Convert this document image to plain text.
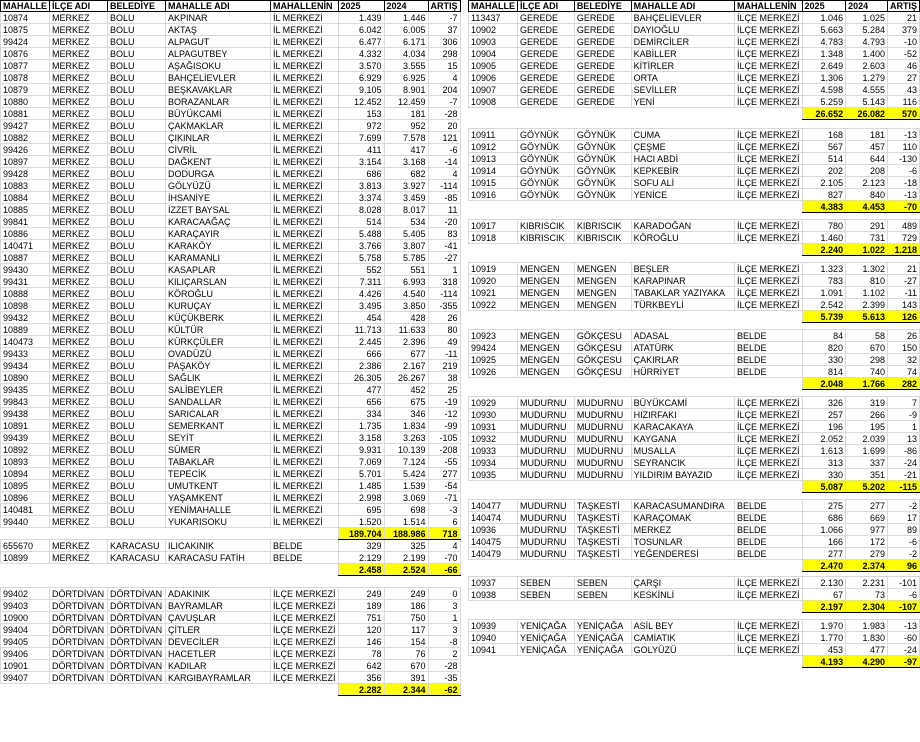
MAHALLE	İLÇE ADI	BELEDİYE	MAHALLE ADI	MAHALLENİN	2025	2024	ARTIŞ
10874	MERKEZ	BOLU	AKPINAR	İL MERKEZİ	1.439	1.446	-7
10875	MERKEZ	BOLU	AKTAŞ	İL MERKEZİ	6.042	6.005	37
99424	MERKEZ	BOLU	ALPAGUT	İL MERKEZİ	6.477	6.171	306
10876	MERKEZ	BOLU	ALPAGUTBEY	İL MERKEZİ	4.332	4.034	298
10877	MERKEZ	BOLU	AŞAĞISOKU	İL MERKEZİ	3.570	3.555	15
10878	MERKEZ	BOLU	BAHÇELİEVLER	İL MERKEZİ	6.929	6.925	4
10879	MERKEZ	BOLU	BEŞKAVAKLAR	İL MERKEZİ	9.105	8.901	204
10880	MERKEZ	BOLU	BORAZANLAR	İL MERKEZİ	12.452	12.459	-7
10881	MERKEZ	BOLU	BÜYÜKCAMİ	İL MERKEZİ	153	181	-28
99427	MERKEZ	BOLU	ÇAKMAKLAR	İL MERKEZİ	972	952	20
10882	MERKEZ	BOLU	ÇIKINLAR	İL MERKEZİ	7.699	7.578	121
99426	MERKEZ	BOLU	CİVRİL	İL MERKEZİ	411	417	-6
10897	MERKEZ	BOLU	DAĞKENT	İL MERKEZİ	3.154	3.168	-14
99428	MERKEZ	BOLU	DODURGA	İL MERKEZİ	686	682	4
10883	MERKEZ	BOLU	GÖLYÜZÜ	İL MERKEZİ	3.813	3.927	-114
10884	MERKEZ	BOLU	İHSANİYE	İL MERKEZİ	3.374	3.459	-85
10885	MERKEZ	BOLU	İZZET BAYSAL	İL MERKEZİ	8.028	8.017	11
99841	MERKEZ	BOLU	KARACAAĞAÇ	İL MERKEZİ	514	534	-20
10886	MERKEZ	BOLU	KARAÇAYIR	İL MERKEZİ	5.488	5.405	83
140471	MERKEZ	BOLU	KARAKÖY	İL MERKEZİ	3.766	3.807	-41
10887	MERKEZ	BOLU	KARAMANLI	İL MERKEZİ	5.758	5.785	-27
99430	MERKEZ	BOLU	KASAPLAR	İL MERKEZİ	552	551	1
99431	MERKEZ	BOLU	KILIÇARSLAN	İL MERKEZİ	7.311	6.993	318
10888	MERKEZ	BOLU	KÖROĞLU	İL MERKEZİ	4.426	4.540	-114
10898	MERKEZ	BOLU	KURUÇAY	İL MERKEZİ	3.495	3.850	-355
99432	MERKEZ	BOLU	KÜÇÜKBERK	İL MERKEZİ	454	428	26
10889	MERKEZ	BOLU	KÜLTÜR	İL MERKEZİ	11.713	11.633	80
140473	MERKEZ	BOLU	KÜRKÇÜLER	İL MERKEZİ	2.445	2.396	49
99433	MERKEZ	BOLU	OVADÜZÜ	İL MERKEZİ	666	677	-11
99434	MERKEZ	BOLU	PAŞAKÖY	İL MERKEZİ	2.386	2.167	219
10890	MERKEZ	BOLU	SAĞLIK	İL MERKEZİ	26.305	26.267	38
99435	MERKEZ	BOLU	SALİBEYLER	İL MERKEZİ	477	452	25
99843	MERKEZ	BOLU	SANDALLAR	İL MERKEZİ	656	675	-19
99438	MERKEZ	BOLU	SARICALAR	İL MERKEZİ	334	346	-12
10891	MERKEZ	BOLU	SEMERKANT	İL MERKEZİ	1.735	1.834	-99
99439	MERKEZ	BOLU	SEYİT	İL MERKEZİ	3.158	3.263	-105
10892	MERKEZ	BOLU	SÜMER	İL MERKEZİ	9.931	10.139	-208
10893	MERKEZ	BOLU	TABAKLAR	İL MERKEZİ	7.069	7.124	-55
10894	MERKEZ	BOLU	TEPECİK	İL MERKEZİ	5.701	5.424	277
10895	MERKEZ	BOLU	UMUTKENT	İL MERKEZİ	1.485	1.539	-54
10896	MERKEZ	BOLU	YAŞAMKENT	İL MERKEZİ	2.998	3.069	-71
140481	MERKEZ	BOLU	YENİMAHALLE	İL MERKEZİ	695	698	-3
99440	MERKEZ	BOLU	YUKARISOKU	İL MERKEZİ	1.520	1.514	6
					189.704	188.986	718
655670	MERKEZ	KARACASU	ILICAKINIK	BELDE	329	325	4
10899	MERKEZ	KARACASU	KARACASU FATİH	BELDE	2.129	2.199	-70
					2.458	2.524	-66

99402	DÖRTDİVAN	DÖRTDİVAN	ADAKINIK	İLÇE MERKEZİ	249	249	0
99403	DÖRTDİVAN	DÖRTDİVAN	BAYRAMLAR	İLÇE MERKEZİ	189	186	3
10900	DÖRTDİVAN	DÖRTDİVAN	ÇAVUŞLAR	İLÇE MERKEZİ	751	750	1
99404	DÖRTDİVAN	DÖRTDİVAN	ÇİTLER	İLÇE MERKEZİ	120	117	3
99405	DÖRTDİVAN	DÖRTDİVAN	DEVECİLER	İLÇE MERKEZİ	146	154	-8
99406	DÖRTDİVAN	DÖRTDİVAN	HACETLER	İLÇE MERKEZİ	78	76	2
10901	DÖRTDİVAN	DÖRTDİVAN	KADILAR	İLÇE MERKEZİ	642	670	-28
99407	DÖRTDİVAN	DÖRTDİVAN	KARGIBAYRAMLAR	İLÇE MERKEZİ	356	391	-35
					2.282	2.344	-62
MAHALLE	İLÇE ADI	BELEDİYE	MAHALLE ADI	MAHALLENİN	2025	2024	ARTIŞ
113437	GEREDE	GEREDE	BAHÇELİEVLER	İLÇE MERKEZİ	1.046	1.025	21
10902	GEREDE	GEREDE	DAYIOĞLU	İLÇE MERKEZİ	5.663	5.284	379
10903	GEREDE	GEREDE	DEMİRCİLER	İLÇE MERKEZİ	4.783	4.793	-10
10904	GEREDE	GEREDE	KABİLLER	İLÇE MERKEZİ	1.348	1.400	-52
10905	GEREDE	GEREDE	KİTİRLER	İLÇE MERKEZİ	2.649	2.603	46
10906	GEREDE	GEREDE	ORTA	İLÇE MERKEZİ	1.306	1.279	27
10907	GEREDE	GEREDE	SEVİLLER	İLÇE MERKEZİ	4.598	4.555	43
10908	GEREDE	GEREDE	YENİ	İLÇE MERKEZİ	5.259	5.143	116
					26.652	26.082	570

10911	GÖYNÜK	GÖYNÜK	CUMA	İLÇE MERKEZİ	168	181	-13
10912	GÖYNÜK	GÖYNÜK	ÇEŞME	İLÇE MERKEZİ	567	457	110
10913	GÖYNÜK	GÖYNÜK	HACI ABDİ	İLÇE MERKEZİ	514	644	-130
10914	GÖYNÜK	GÖYNÜK	KEPKEBİR	İLÇE MERKEZİ	202	208	-6
10915	GÖYNÜK	GÖYNÜK	SOFU ALİ	İLÇE MERKEZİ	2.105	2.123	-18
10916	GÖYNÜK	GÖYNÜK	YENİCE	İLÇE MERKEZİ	827	840	-13
					4.383	4.453	-70

10917	KIBRISCIK	KIBRISCIK	KARADOĞAN	İLÇE MERKEZİ	780	291	489
10918	KIBRISCIK	KIBRISCIK	KÖROĞLU	İLÇE MERKEZİ	1.460	731	729
					2.240	1.022	1.218

10919	MENGEN	MENGEN	BEŞLER	İLÇE MERKEZİ	1.323	1.302	21
10920	MENGEN	MENGEN	KARAPINAR	İLÇE MERKEZİ	783	810	-27
10921	MENGEN	MENGEN	TABAKLAR YAZIYAKA	İLÇE MERKEZİ	1.091	1.102	-11
10922	MENGEN	MENGEN	TÜRKBEYLİ	İLÇE MERKEZİ	2.542	2.399	143
					5.739	5.613	126

10923	MENGEN	GÖKÇESU	ADASAL	BELDE	84	58	26
99424	MENGEN	GÖKÇESU	ATATÜRK	BELDE	820	670	150
10925	MENGEN	GÖKÇESU	ÇAKIRLAR	BELDE	330	298	32
10926	MENGEN	GÖKÇESU	HÜRRİYET	BELDE	814	740	74
					2.048	1.766	282

10929	MUDURNU	MUDURNU	BÜYÜKCAMİ	İLÇE MERKEZİ	326	319	7
10930	MUDURNU	MUDURNU	HIZIRFAKI	İLÇE MERKEZİ	257	266	-9
10931	MUDURNU	MUDURNU	KARACAKAYA	İLÇE MERKEZİ	196	195	1
10932	MUDURNU	MUDURNU	KAYGANA	İLÇE MERKEZİ	2.052	2.039	13
10933	MUDURNU	MUDURNU	MUSALLA	İLÇE MERKEZİ	1.613	1.699	-86
10934	MUDURNU	MUDURNU	SEYRANCIK	İLÇE MERKEZİ	313	337	-24
10935	MUDURNU	MUDURNU	YILDIRIM BAYAZID	İLÇE MERKEZİ	330	351	-21
					5.087	5.202	-115

140477	MUDURNU	TAŞKESTİ	KARACASUMANDIRA	BELDE	275	277	-2
140474	MUDURNU	TAŞKESTİ	KARAÇOMAK	BELDE	686	669	17
10936	MUDURNU	TAŞKESTİ	MERKEZ	BELDE	1.066	977	89
140475	MUDURNU	TAŞKESTİ	TOSUNLAR	BELDE	166	172	-6
140479	MUDURNU	TAŞKESTİ	YEĞENDERESİ	BELDE	277	279	-2
					2.470	2.374	96

10937	SEBEN	SEBEN	ÇARŞI	İLÇE MERKEZİ	2.130	2.231	-101
10938	SEBEN	SEBEN	KESKİNLİ	İLÇE MERKEZİ	67	73	-6
					2.197	2.304	-107

10939	YENİÇAĞA	YENİÇAĞA	ASİL BEY	İLÇE MERKEZİ	1.970	1.983	-13
10940	YENİÇAĞA	YENİÇAĞA	CAMİATIK	İLÇE MERKEZİ	1.770	1.830	-60
10941	YENİÇAĞA	YENİÇAĞA	GOLYÜZÜ	İLÇE MERKEZİ	453	477	-24
					4.193	4.290	-97
